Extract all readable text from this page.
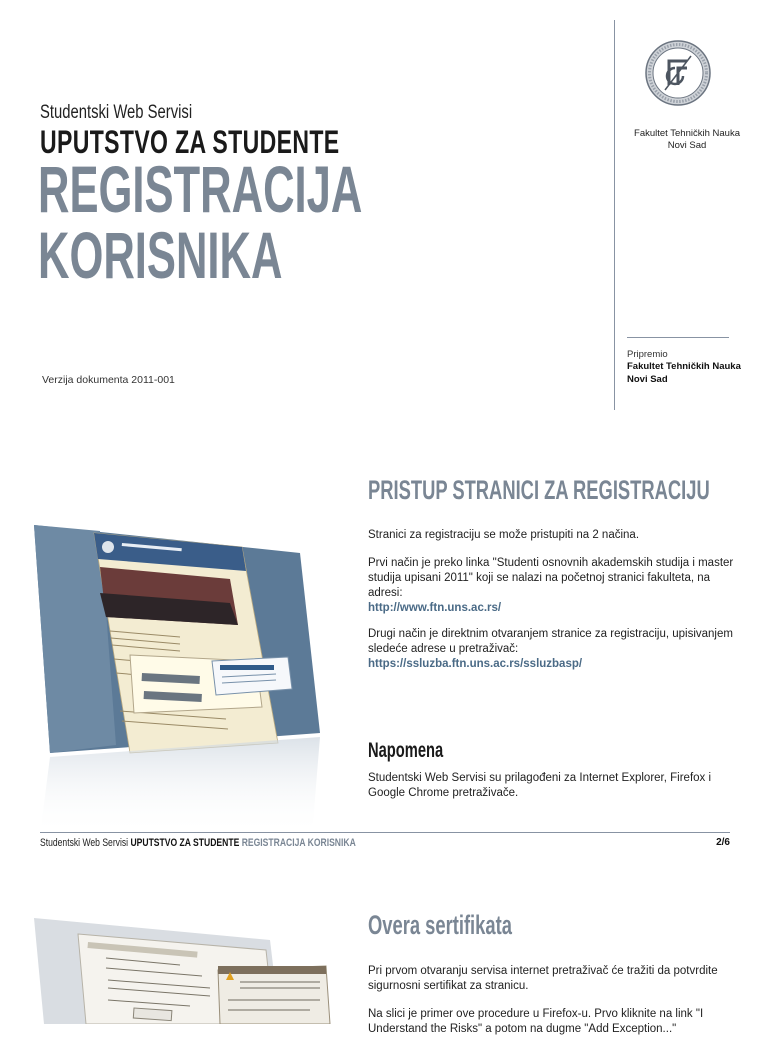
Studentski Web Servisi
UPUTSTVO ZA STUDENTE
REGISTRACIJA
KORISNIKA
Verzija dokumenta 2011-001
Fakultet Tehničkih Nauka
Novi Sad
Pripremio
Fakultet Tehničkih Nauka
Novi Sad
PRISTUP STRANICI ZA REGISTRACIJU
Stranici za registraciju se može pristupiti na 2 načina.
Prvi način je preko linka "Studenti osnovnih akademskih studija i master studija upisani 2011" koji se nalazi na početnoj stranici fakulteta, na adresi:
http://www.ftn.uns.ac.rs/
Drugi način je direktnim otvaranjem stranice za registraciju, upisivanjem sledeće adrese u pretraživač:
https://ssluzba.ftn.uns.ac.rs/ssluzbasp/
Napomena
Studentski Web Servisi su prilagođeni za Internet Explorer, Firefox i Google Chrome pretraživače.
Studentski Web Servisi UPUTSTVO ZA STUDENTE REGISTRACIJA KORISNIKA	2/6
Overa sertifikata
Pri prvom otvaranju servisa internet pretraživač će tražiti da potvrdite sigurnosni sertifikat za stranicu.
Na slici je primer ove procedure u Firefox-u. Prvo kliknite na link "I Understand the Risks" a potom na dugme "Add Exception..."
